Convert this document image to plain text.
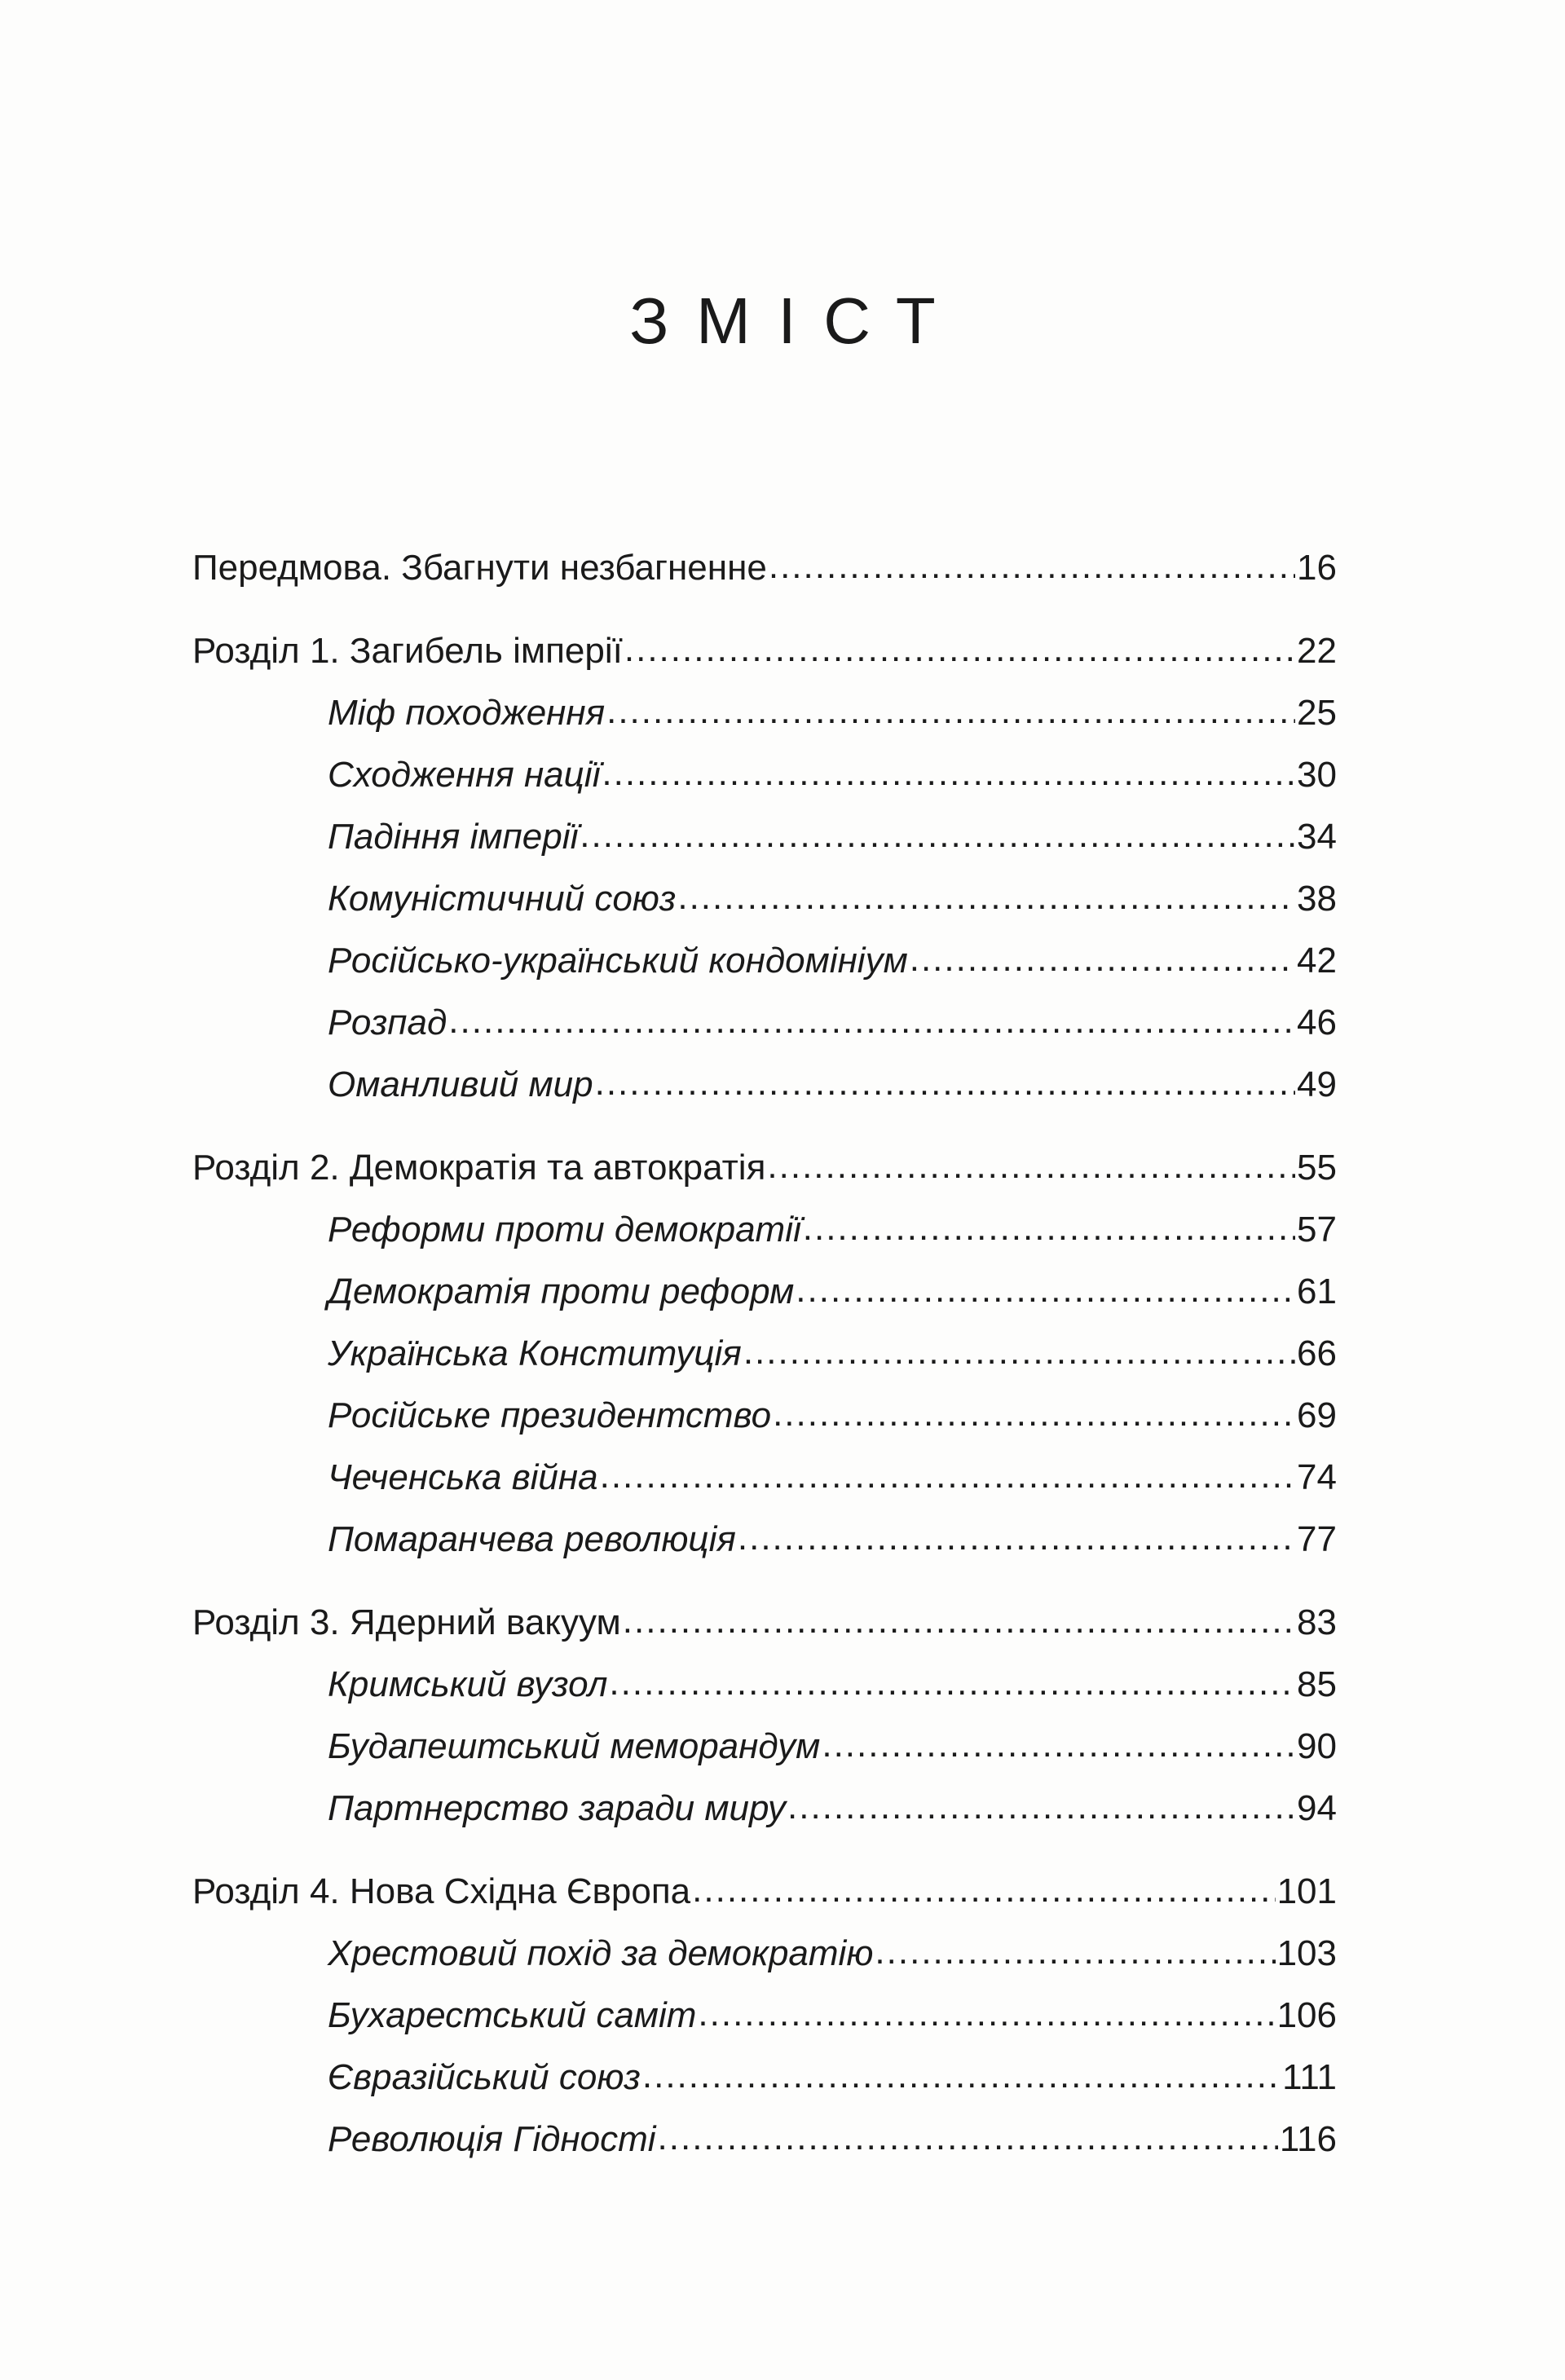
ЗМІСТ
Передмова. Збагнути незбагненне .....	16
Розділ 1. Загибель імперії .....	22
Міф походження .....	25
Сходження нації .....	30
Падіння імперії .....	34
Комуністичний союз .....	38
Російсько-український кондомініум .....	42
Розпад .....	46
Оманливий мир .....	49
Розділ 2. Демократія та автократія .....	55
Реформи проти демократії .....	57
Демократія проти реформ .....	61
Українська Конституція .....	66
Російське президентство .....	69
Чеченська війна .....	74
Помаранчева революція .....	77
Розділ 3. Ядерний вакуум .....	83
Кримський вузол .....	85
Будапештський меморандум .....	90
Партнерство заради миру .....	94
Розділ 4. Нова Східна Європа .....	101
Хрестовий похід за демократію .....	103
Бухарестський саміт .....	106
Євразійський союз .....	111
Революція Гідності .....	116
